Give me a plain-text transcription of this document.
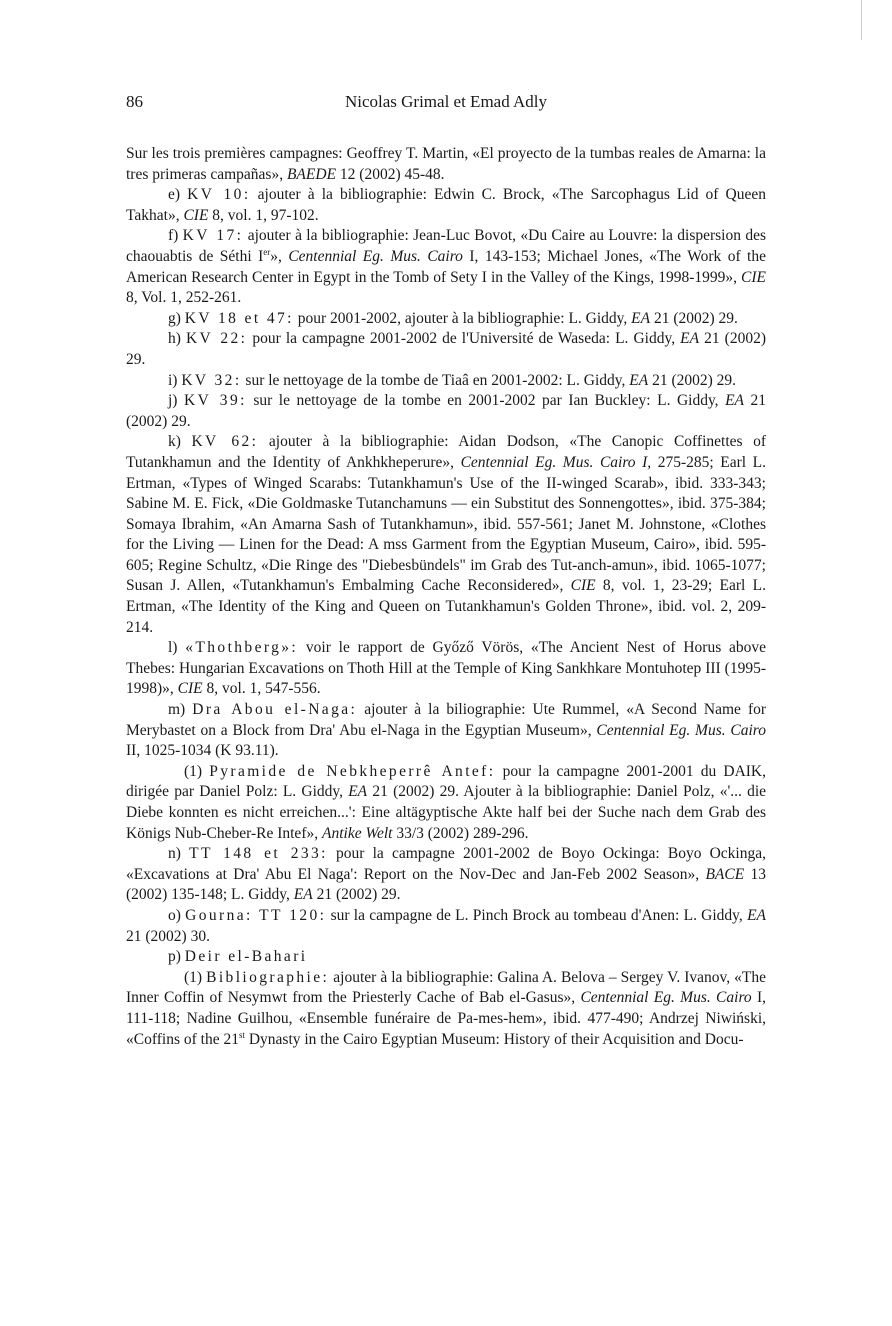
86	Nicolas Grimal et Emad Adly

Sur les trois premières campagnes: Geoffrey T. Martin, «El proyecto de la tumbas reales de Amarna: la tres primeras campañas», BAEDE 12 (2002) 45-48.

e) KV 10: ajouter à la bibliographie: Edwin C. Brock, «The Sarcophagus Lid of Queen Takhat», CIE 8, vol. 1, 97-102.

f) KV 17: ajouter à la bibliographie: Jean-Luc Bovot, «Du Caire au Louvre: la dispersion des chaouabtis de Séthi Ier», Centennial Eg. Mus. Cairo I, 143-153; Michael Jones, «The Work of the American Research Center in Egypt in the Tomb of Sety I in the Valley of the Kings, 1998-1999», CIE 8, Vol. 1, 252-261.

g) KV 18 et 47: pour 2001-2002, ajouter à la bibliographie: L. Giddy, EA 21 (2002) 29.

h) KV 22: pour la campagne 2001-2002 de l'Université de Waseda: L. Giddy, EA 21 (2002) 29.

i) KV 32: sur le nettoyage de la tombe de Tiaâ en 2001-2002: L. Giddy, EA 21 (2002) 29.

j) KV 39: sur le nettoyage de la tombe en 2001-2002 par Ian Buckley: L. Giddy, EA 21 (2002) 29.

k) KV 62: ajouter à la bibliographie: Aidan Dodson, «The Canopic Coffinettes of Tutankhamun and the Identity of Ankhkheperure», Centennial Eg. Mus. Cairo I, 275-285; Earl L. Ertman, «Types of Winged Scarabs: Tutankhamun's Use of the II-winged Scarab», ibid. 333-343; Sabine M. E. Fick, «Die Goldmaske Tutanchamuns — ein Substitut des Sonnengottes», ibid. 375-384; Somaya Ibrahim, «An Amarna Sash of Tutankhamun», ibid. 557-561; Janet M. Johnstone, «Clothes for the Living — Linen for the Dead: A mss Garment from the Egyptian Museum, Cairo», ibid. 595-605; Regine Schultz, «Die Ringe des "Diebesbündels" im Grab des Tut-anch-amun», ibid. 1065-1077; Susan J. Allen, «Tutankhamun's Embalming Cache Reconsidered», CIE 8, vol. 1, 23-29; Earl L. Ertman, «The Identity of the King and Queen on Tutankhamun's Golden Throne», ibid. vol. 2, 209-214.

l) «Thothberg»: voir le rapport de Győző Vörös, «The Ancient Nest of Horus above Thebes: Hungarian Excavations on Thoth Hill at the Temple of King Sankhkare Montuhotep III (1995-1998)», CIE 8, vol. 1, 547-556.

m) Dra Abou el-Naga: ajouter à la biliographie: Ute Rummel, «A Second Name for Merybastet on a Block from Dra' Abu el-Naga in the Egyptian Museum», Centennial Eg. Mus. Cairo II, 1025-1034 (K 93.11).

(1) Pyramide de Nebkheperrê Antef: pour la campagne 2001-2001 du DAIK, dirigée par Daniel Polz: L. Giddy, EA 21 (2002) 29. Ajouter à la bibliographie: Daniel Polz, «'... die Diebe konnten es nicht erreichen...': Eine altägyptische Akte half bei der Suche nach dem Grab des Königs Nub-Cheber-Re Intef», Antike Welt 33/3 (2002) 289-296.

n) TT 148 et 233: pour la campagne 2001-2002 de Boyo Ockinga: Boyo Ockinga, «Excavations at Dra' Abu El Naga': Report on the Nov-Dec and Jan-Feb 2002 Season», BACE 13 (2002) 135-148; L. Giddy, EA 21 (2002) 29.

o) Gourna: TT 120: sur la campagne de L. Pinch Brock au tombeau d'Anen: L. Giddy, EA 21 (2002) 30.

p) Deir el-Bahari

(1) Bibliographie: ajouter à la bibliographie: Galina A. Belova – Sergey V. Ivanov, «The Inner Coffin of Nesymwt from the Priesterly Cache of Bab el-Gasus», Centennial Eg. Mus. Cairo I, 111-118; Nadine Guilhou, «Ensemble funéraire de Pa-mes-hem», ibid. 477-490; Andrzej Niwiński, «Coffins of the 21st Dynasty in the Cairo Egyptian Museum: History of their Acquisition and Docu-
